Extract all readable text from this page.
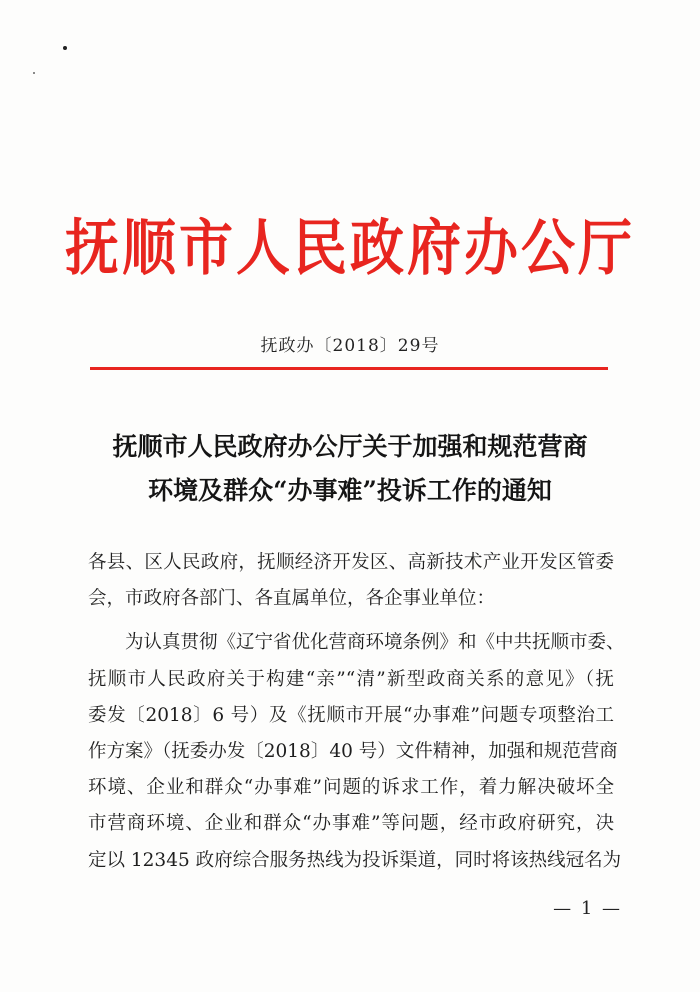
抚顺市人民政府办公厅
抚政办〔2018〕29号
抚顺市人民政府办公厅关于加强和规范营商
环境及群众“办事难”投诉工作的通知
各县、区人民政府，抚顺经济开发区、高新技术产业开发区管委
会，市政府各部门、各直属单位，各企事业单位：
　　为认真贯彻《辽宁省优化营商环境条例》和《中共抚顺市委、
抚顺市人民政府关于构建“亲”“清”新型政商关系的意见》（抚
委发〔2018〕6 号）及《抚顺市开展“办事难”问题专项整治工
作方案》（抚委办发〔2018〕40 号）文件精神，加强和规范营商
环境、企业和群众“办事难”问题的诉求工作，着力解决破坏全
市营商环境、企业和群众“办事难”等问题，经市政府研究，决
定以 12345 政府综合服务热线为投诉渠道，同时将该热线冠名为
— 1 —
